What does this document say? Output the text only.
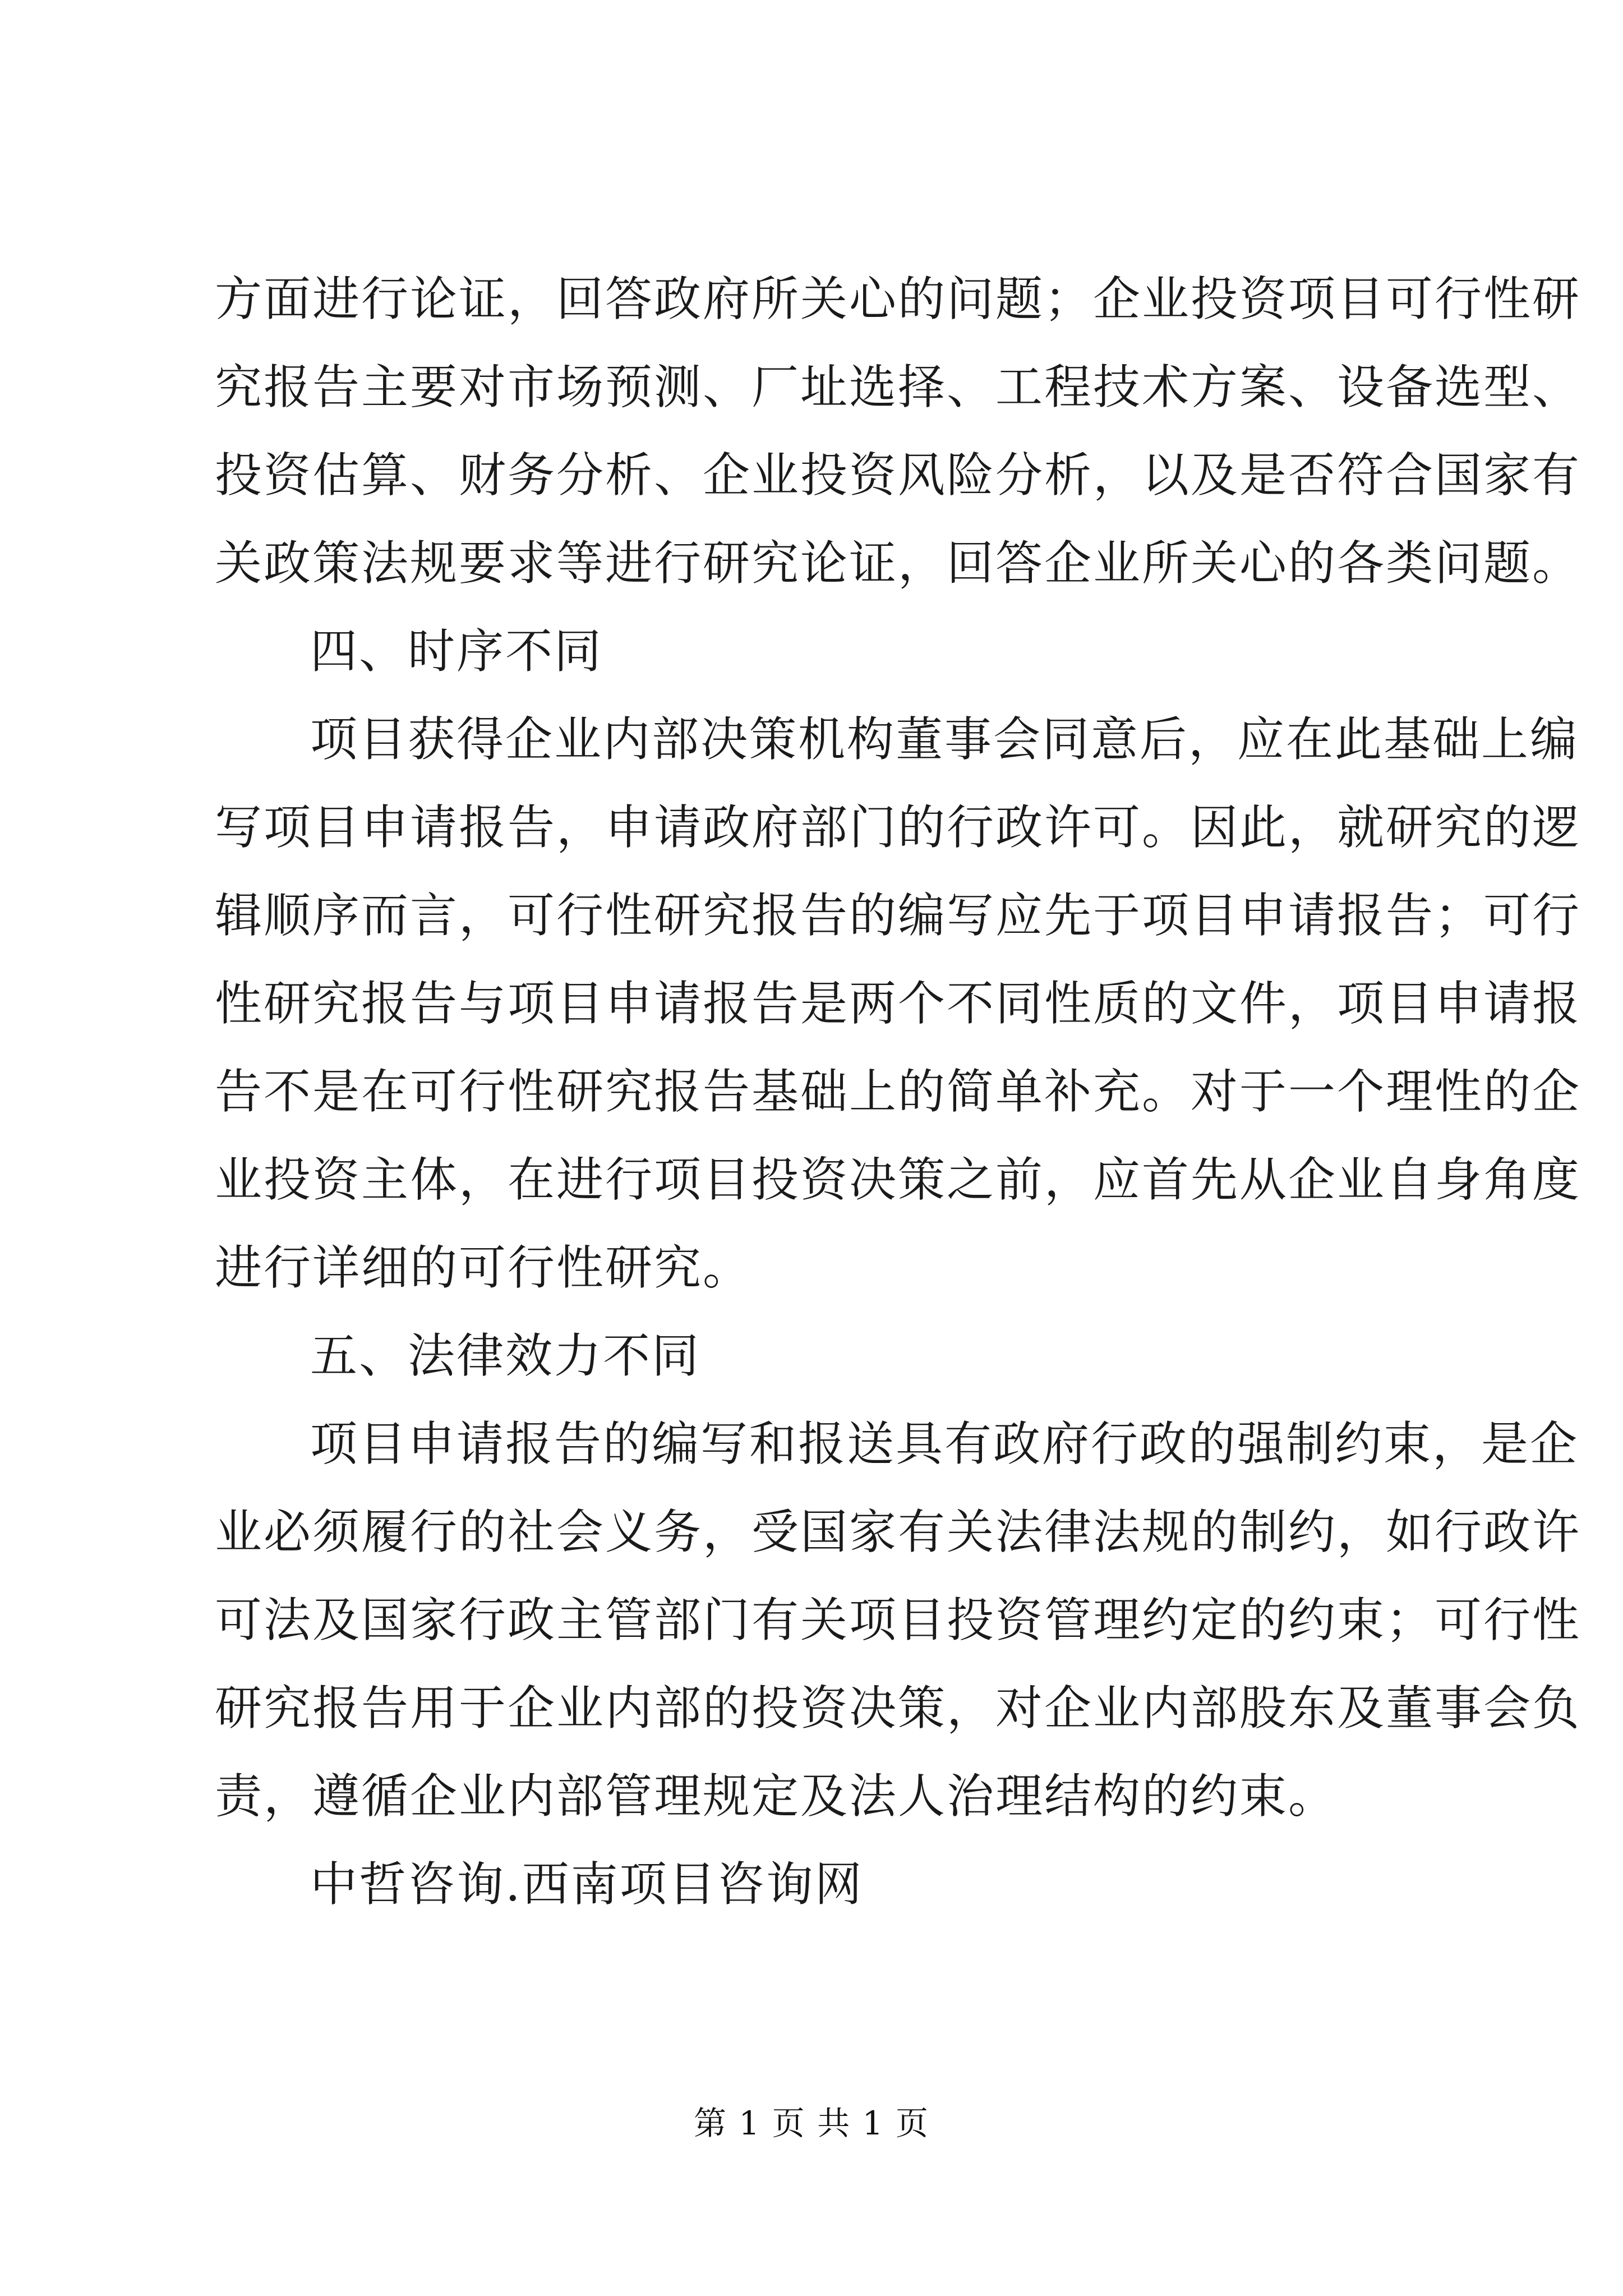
方面进行论证，回答政府所关心的问题；企业投资项目可行性研
究报告主要对市场预测、厂址选择、工程技术方案、设备选型、
投资估算、财务分析、企业投资风险分析，以及是否符合国家有
关政策法规要求等进行研究论证，回答企业所关心的各类问题。
四、时序不同
项目获得企业内部决策机构董事会同意后，应在此基础上编
写项目申请报告，申请政府部门的行政许可。因此，就研究的逻
辑顺序而言，可行性研究报告的编写应先于项目申请报告；可行
性研究报告与项目申请报告是两个不同性质的文件，项目申请报
告不是在可行性研究报告基础上的简单补充。对于一个理性的企
业投资主体，在进行项目投资决策之前，应首先从企业自身角度
进行详细的可行性研究。
五、法律效力不同
项目申请报告的编写和报送具有政府行政的强制约束，是企
业必须履行的社会义务，受国家有关法律法规的制约，如行政许
可法及国家行政主管部门有关项目投资管理约定的约束；可行性
研究报告用于企业内部的投资决策，对企业内部股东及董事会负
责，遵循企业内部管理规定及法人治理结构的约束。
中哲咨询.西南项目咨询网
第 1 页 共 1 页
